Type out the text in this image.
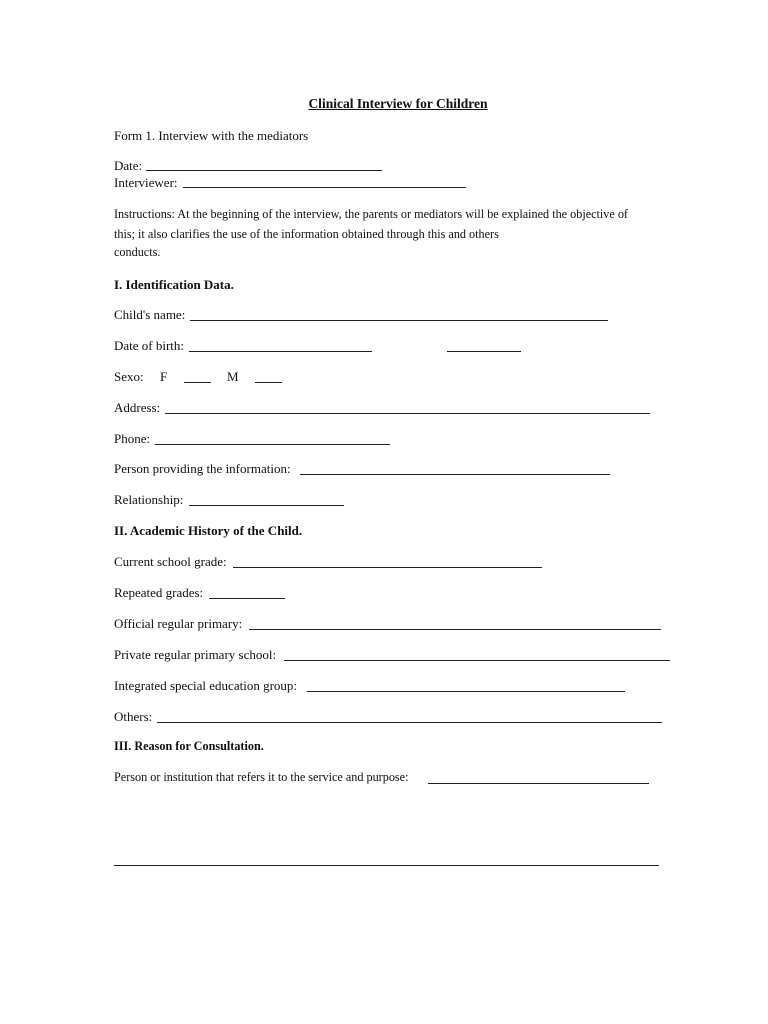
Clinical Interview for Children
Form 1. Interview with the mediators
Date:
Interviewer:
Instructions: At the beginning of the interview, the parents or mediators will be explained the objective of
this; it also clarifies the use of the information obtained through this and others
conducts.
I. Identification Data.
Child's name:
Date of birth:
Sexo: F	M
Address:
Phone:
Person providing the information:
Relationship:
II. Academic History of the Child.
Current school grade:
Repeated grades:
Official regular primary:
Private regular primary school:
Integrated special education group:
Others:
III. Reason for Consultation.
Person or institution that refers it to the service and purpose:
